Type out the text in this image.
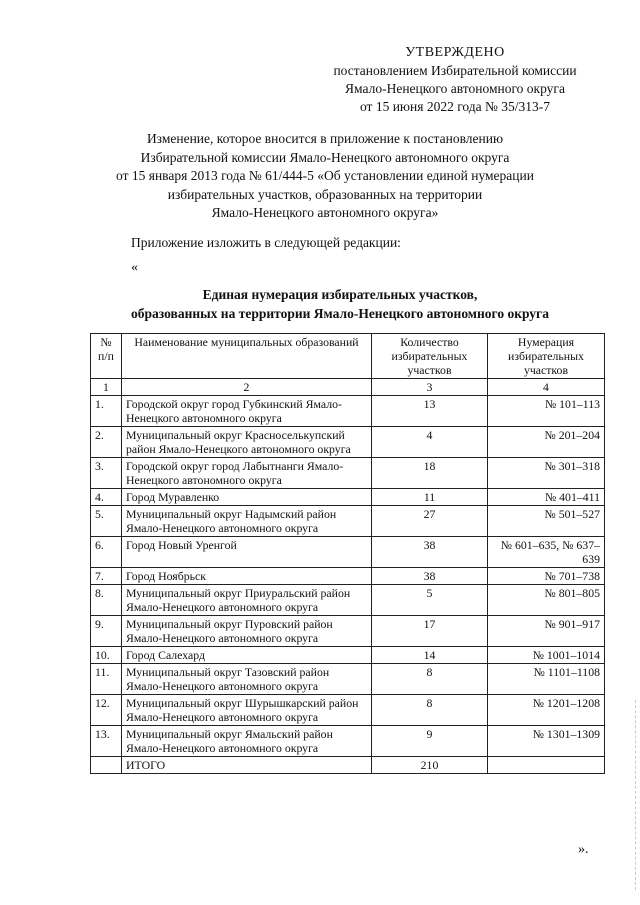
УТВЕРЖДЕНО
постановлением Избирательной комиссии
Ямало-Ненецкого автономного округа
от 15 июня 2022 года № 35/313-7
Изменение, которое вносится в приложение к постановлению
Избирательной комиссии Ямало-Ненецкого автономного округа
от 15 января 2013 года № 61/444-5 «Об установлении единой нумерации
избирательных участков, образованных на территории
Ямало-Ненецкого автономного округа»
Приложение изложить в следующей редакции:
«
Единая нумерация избирательных участков,
образованных на территории Ямало-Ненецкого автономного округа
№ п/п	Наименование муниципальных образований	Количество избирательных участков	Нумерация избирательных участков
1	2	3	4
1.	Городской округ город Губкинский Ямало-Ненецкого автономного округа	13	№ 101–113
2.	Муниципальный округ Красноселькупский район Ямало-Ненецкого автономного округа	4	№ 201–204
3.	Городской округ город Лабытнанги Ямало-Ненецкого автономного округа	18	№ 301–318
4.	Город Муравленко	11	№ 401–411
5.	Муниципальный округ Надымский район Ямало-Ненецкого автономного округа	27	№ 501–527
6.	Город Новый Уренгой	38	№ 601–635, № 637–639
7.	Город Ноябрьск	38	№ 701–738
8.	Муниципальный округ Приуральский район Ямало-Ненецкого автономного округа	5	№ 801–805
9.	Муниципальный округ Пуровский район Ямало-Ненецкого автономного округа	17	№ 901–917
10.	Город Салехард	14	№ 1001–1014
11.	Муниципальный округ Тазовский район Ямало-Ненецкого автономного округа	8	№ 1101–1108
12.	Муниципальный округ Шурышкарский район Ямало-Ненецкого автономного округа	8	№ 1201–1208
13.	Муниципальный округ Ямальский район Ямало-Ненецкого автономного округа	9	№ 1301–1309
	ИТОГО	210	
».
